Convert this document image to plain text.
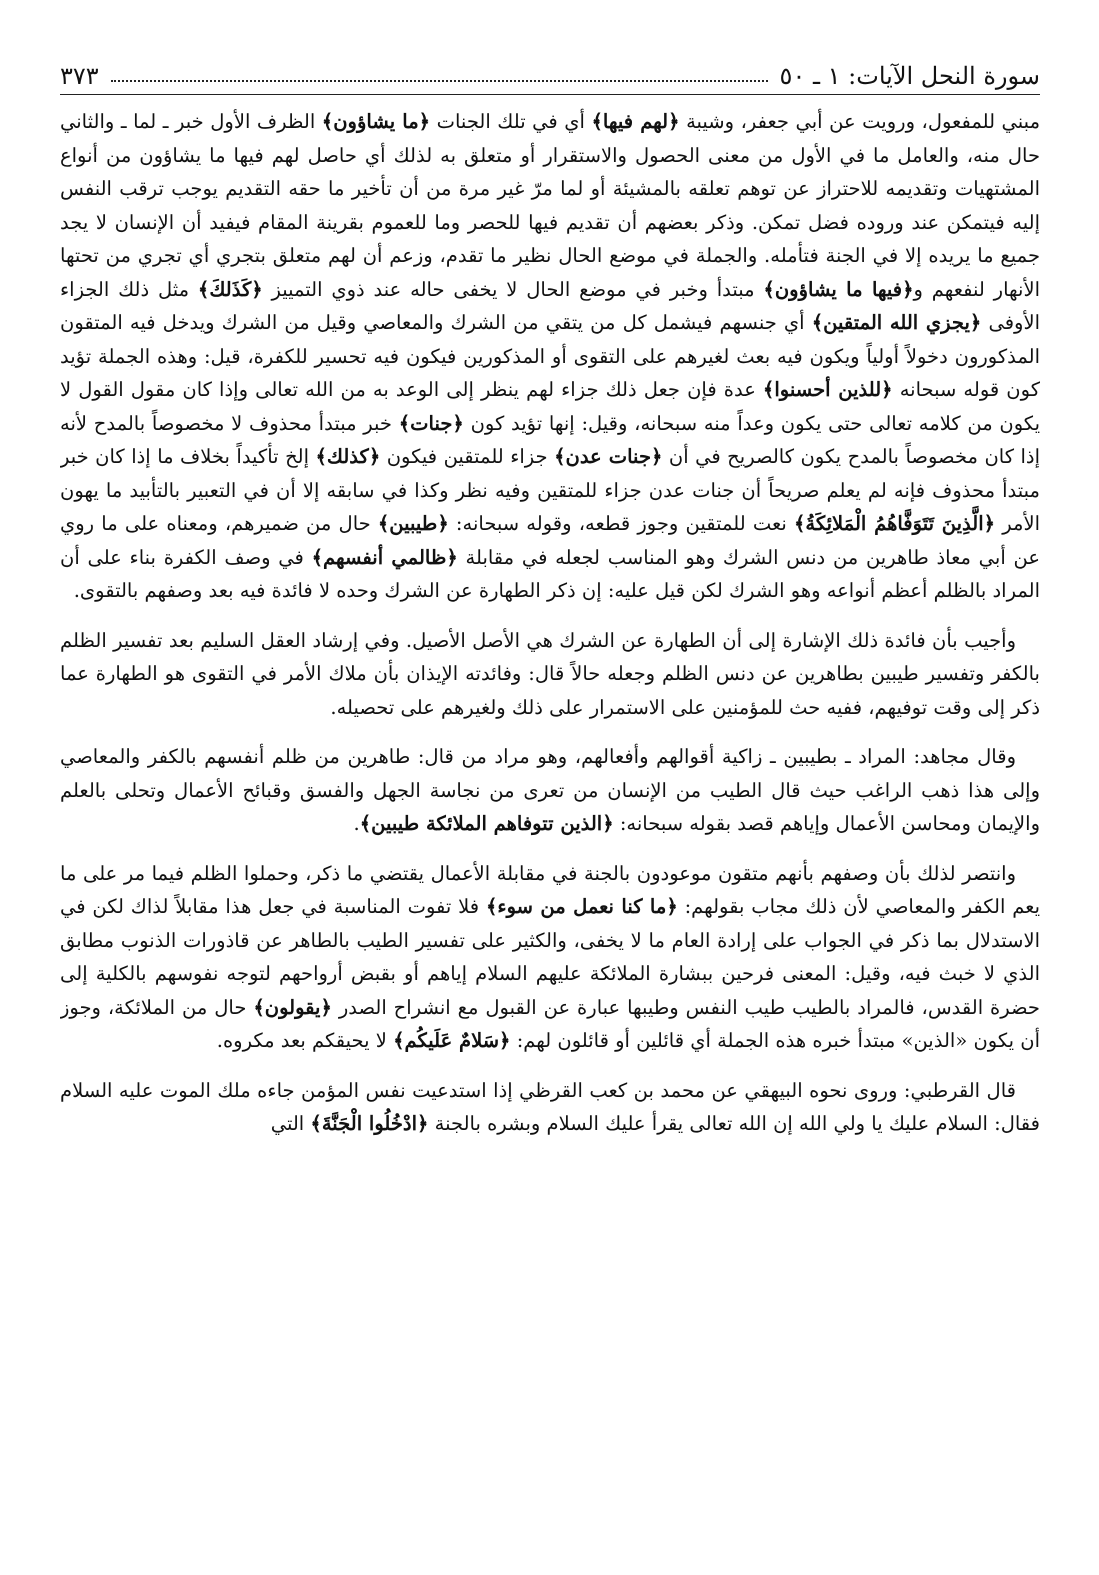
سورة النحل الآيات: ١ ـ ٥٠
٣٧٣

مبني للمفعول، ورويت عن أبي جعفر، وشيبة ﴿لهم فيها﴾ أي في تلك الجنات ﴿ما يشاؤون﴾ الظرف الأول خبر ـ لما ـ والثاني حال منه، والعامل ما في الأول من معنى الحصول والاستقرار أو متعلق به لذلك أي حاصل لهم فيها ما يشاؤون من أنواع المشتهيات وتقديمه للاحتراز عن توهم تعلقه بالمشيئة أو لما مرّ غير مرة من أن تأخير ما حقه التقديم يوجب ترقب النفس إليه فيتمكن عند وروده فضل تمكن. وذكر بعضهم أن تقديم فيها للحصر وما للعموم بقرينة المقام فيفيد أن الإنسان لا يجد جميع ما يريده إلا في الجنة فتأمله. والجملة في موضع الحال نظير ما تقدم، وزعم أن لهم متعلق بتجري أي تجري من تحتها الأنهار لنفعهم و﴿فيها ما يشاؤون﴾ مبتدأ وخبر في موضع الحال لا يخفى حاله عند ذوي التمييز ﴿كَذَلكَ﴾ مثل ذلك الجزاء الأوفى ﴿يجزي الله المتقين﴾ أي جنسهم فيشمل كل من يتقي من الشرك والمعاصي وقيل من الشرك ويدخل فيه المتقون المذكورون دخولاً أولياً ويكون فيه بعث لغيرهم على التقوى أو المذكورين فيكون فيه تحسير للكفرة، قيل: وهذه الجملة تؤيد كون قوله سبحانه ﴿للذين أحسنوا﴾ عدة فإن جعل ذلك جزاء لهم ينظر إلى الوعد به من الله تعالى وإذا كان مقول القول لا يكون من كلامه تعالى حتى يكون وعداً منه سبحانه، وقيل: إنها تؤيد كون ﴿جنات﴾ خبر مبتدأ محذوف لا مخصوصاً بالمدح لأنه إذا كان مخصوصاً بالمدح يكون كالصريح في أن ﴿جنات عدن﴾ جزاء للمتقين فيكون ﴿كذلك﴾ إلخ تأكيداً بخلاف ما إذا كان خبر مبتدأ محذوف فإنه لم يعلم صريحاً أن جنات عدن جزاء للمتقين وفيه نظر وكذا في سابقه إلا أن في التعبير بالتأبيد ما يهون الأمر ﴿الَّذِينَ تَتَوَفَّاهُمُ الْمَلائِكَةُ﴾ نعت للمتقين وجوز قطعه، وقوله سبحانه: ﴿طيبين﴾ حال من ضميرهم، ومعناه على ما روي عن أبي معاذ طاهرين من دنس الشرك وهو المناسب لجعله في مقابلة ﴿ظالمي أنفسهم﴾ في وصف الكفرة بناء على أن المراد بالظلم أعظم أنواعه وهو الشرك لكن قيل عليه: إن ذكر الطهارة عن الشرك وحده لا فائدة فيه بعد وصفهم بالتقوى.

وأجيب بأن فائدة ذلك الإشارة إلى أن الطهارة عن الشرك هي الأصل الأصيل. وفي إرشاد العقل السليم بعد تفسير الظلم بالكفر وتفسير طيبين بطاهرين عن دنس الظلم وجعله حالاً قال: وفائدته الإيذان بأن ملاك الأمر في التقوى هو الطهارة عما ذكر إلى وقت توفيهم، ففيه حث للمؤمنين على الاستمرار على ذلك ولغيرهم على تحصيله.

وقال مجاهد: المراد ـ بطيبين ـ زاكية أقوالهم وأفعالهم، وهو مراد من قال: طاهرين من ظلم أنفسهم بالكفر والمعاصي وإلى هذا ذهب الراغب حيث قال الطيب من الإنسان من تعرى من نجاسة الجهل والفسق وقبائح الأعمال وتحلى بالعلم والإيمان ومحاسن الأعمال وإياهم قصد بقوله سبحانه: ﴿الذين تتوفاهم الملائكة طيبين﴾.

وانتصر لذلك بأن وصفهم بأنهم متقون موعودون بالجنة في مقابلة الأعمال يقتضي ما ذكر، وحملوا الظلم فيما مر على ما يعم الكفر والمعاصي لأن ذلك مجاب بقولهم: ﴿ما كنا نعمل من سوء﴾ فلا تفوت المناسبة في جعل هذا مقابلاً لذاك لكن في الاستدلال بما ذكر في الجواب على إرادة العام ما لا يخفى، والكثير على تفسير الطيب بالطاهر عن قاذورات الذنوب مطابق الذي لا خبث فيه، وقيل: المعنى فرحين ببشارة الملائكة عليهم السلام إياهم أو بقبض أرواحهم لتوجه نفوسهم بالكلية إلى حضرة القدس، فالمراد بالطيب طيب النفس وطيبها عبارة عن القبول مع انشراح الصدر ﴿يقولون﴾ حال من الملائكة، وجوز أن يكون «الذين» مبتدأ خبره هذه الجملة أي قائلين أو قائلون لهم: ﴿سَلامٌ عَلَيكُم﴾ لا يحيقكم بعد مكروه.

قال القرطبي: وروى نحوه البيهقي عن محمد بن كعب القرظي إذا استدعيت نفس المؤمن جاءه ملك الموت عليه السلام فقال: السلام عليك يا ولي الله إن الله تعالى يقرأ عليك السلام وبشره بالجنة ﴿ادْخُلُوا الْجَنَّةَ﴾ التي
